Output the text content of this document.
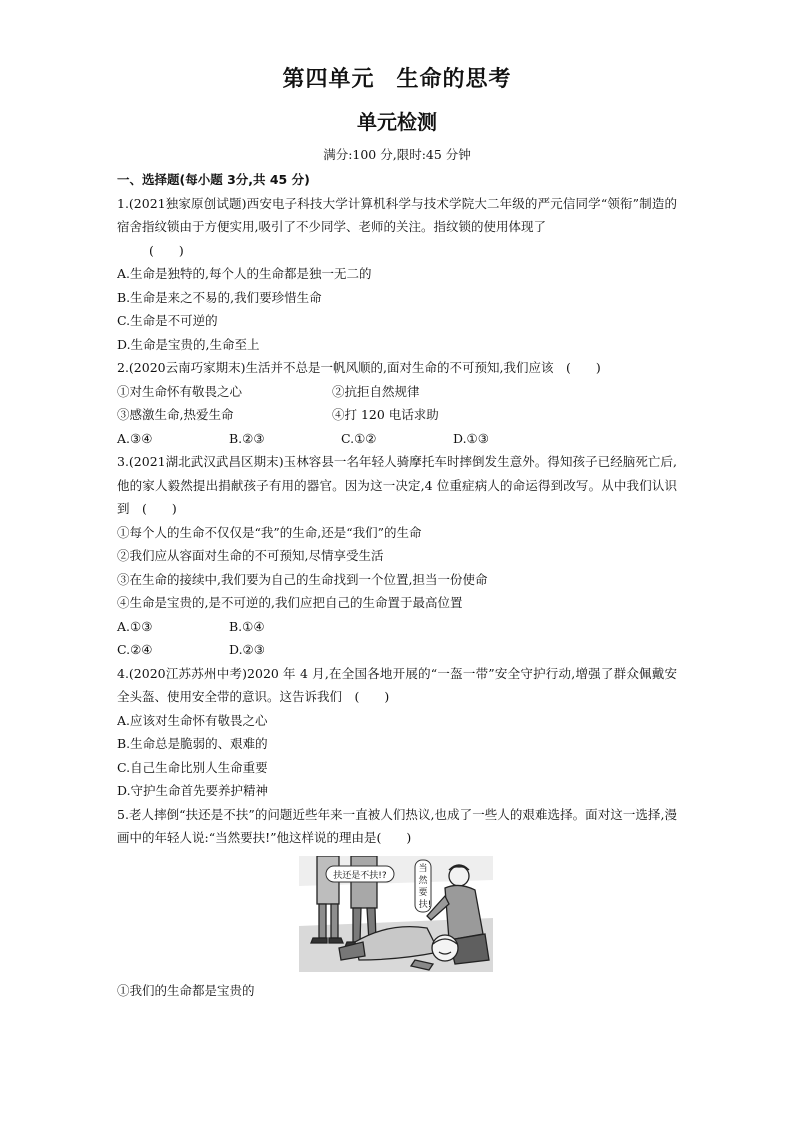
第四单元 生命的思考
单元检测
满分:100 分,限时:45 分钟
一、选择题(每小题 3分,共 45 分)
1.(2021独家原创试题)西安电子科技大学计算机科学与技术学院大二年级的严元信同学“领衔”制造的宿舍指纹锁由于方便实用,吸引了不少同学、老师的关注。指纹锁的使用体现了
(　　)
A.生命是独特的,每个人的生命都是独一无二的
B.生命是来之不易的,我们要珍惜生命
C.生命是不可逆的
D.生命是宝贵的,生命至上
2.(2020云南巧家期末)生活并不总是一帆风顺的,面对生命的不可预知,我们应该　(　　)
①对生命怀有敬畏之心	②抗拒自然规律
③感激生命,热爱生命	④打 120 电话求助
A.③④	B.②③	C.①②	D.①③
3.(2021湖北武汉武昌区期末)玉林容县一名年轻人骑摩托车时摔倒发生意外。得知孩子已经脑死亡后,他的家人毅然提出捐献孩子有用的器官。因为这一决定,4 位重症病人的命运得到改写。从中我们认识到　(　　)
①每个人的生命不仅仅是“我”的生命,还是“我们”的生命
②我们应从容面对生命的不可预知,尽情享受生活
③在生命的接续中,我们要为自己的生命找到一个位置,担当一份使命
④生命是宝贵的,是不可逆的,我们应把自己的生命置于最高位置
A.①③	B.①④
C.②④	D.②③
4.(2020江苏苏州中考)2020 年 4 月,在全国各地开展的“一盔一带”安全守护行动,增强了群众佩戴安全头盔、使用安全带的意识。这告诉我们　(　　)
A.应该对生命怀有敬畏之心
B.生命总是脆弱的、艰难的
C.自己生命比别人生命重要
D.守护生命首先要养护精神
5.老人摔倒“扶还是不扶”的问题近些年来一直被人们热议,也成了一些人的艰难选择。面对这一选择,漫画中的年轻人说:“当然要扶!”他这样说的理由是(　　)
扶还是不扶!?
当
然
要
扶!
①我们的生命都是宝贵的
